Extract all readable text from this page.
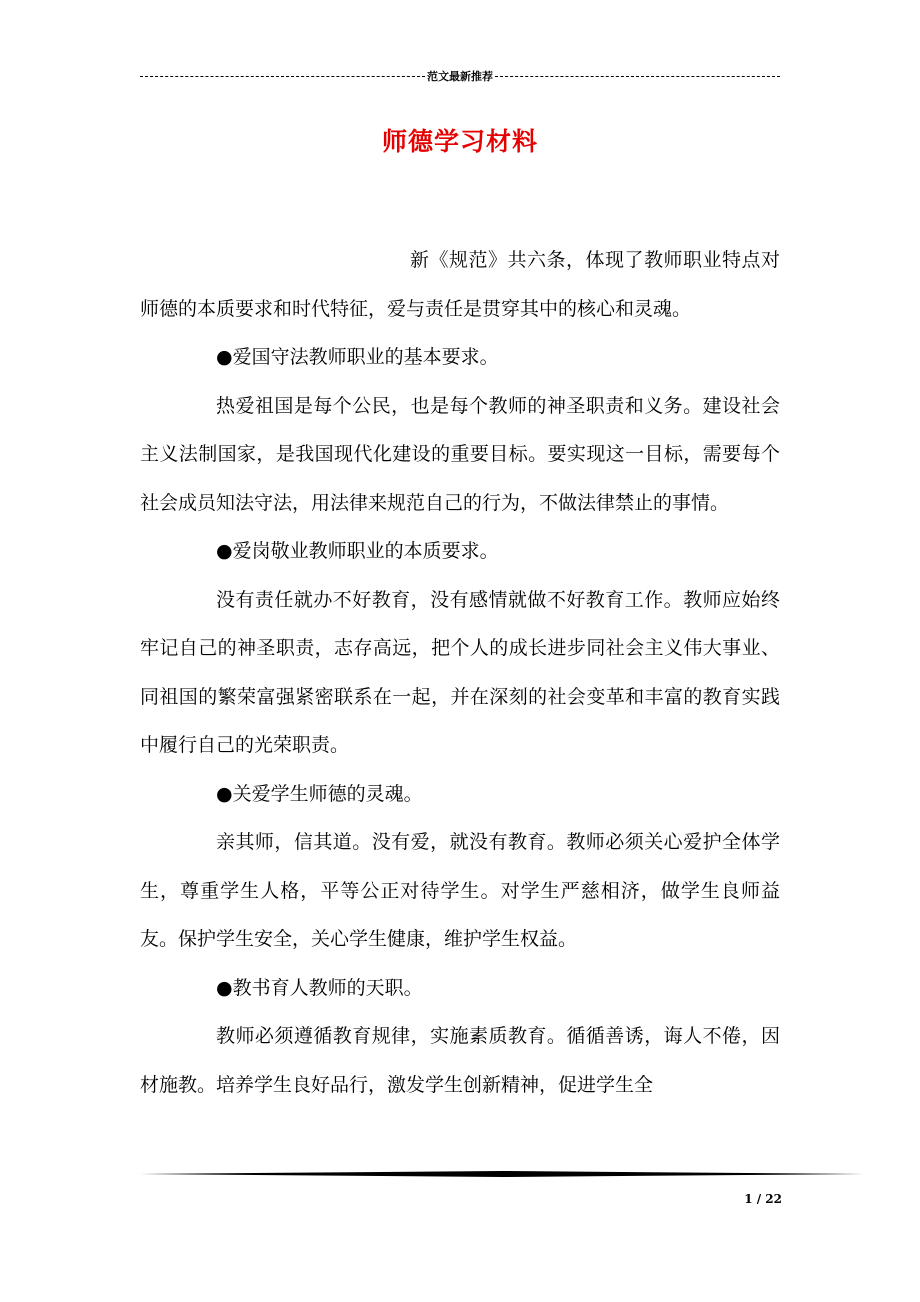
范文最新推荐
师德学习材料

新《规范》共六条，体现了教师职业特点对师德的本质要求和时代特征，爱与责任是贯穿其中的核心和灵魂。

●爱国守法教师职业的基本要求。

热爱祖国是每个公民，也是每个教师的神圣职责和义务。建设社会主义法制国家，是我国现代化建设的重要目标。要实现这一目标，需要每个社会成员知法守法，用法律来规范自己的行为，不做法律禁止的事情。

●爱岗敬业教师职业的本质要求。

没有责任就办不好教育，没有感情就做不好教育工作。教师应始终牢记自己的神圣职责，志存高远，把个人的成长进步同社会主义伟大事业、同祖国的繁荣富强紧密联系在一起，并在深刻的社会变革和丰富的教育实践中履行自己的光荣职责。

●关爱学生师德的灵魂。

亲其师，信其道。没有爱，就没有教育。教师必须关心爱护全体学生，尊重学生人格，平等公正对待学生。对学生严慈相济，做学生良师益友。保护学生安全，关心学生健康，维护学生权益。

●教书育人教师的天职。

教师必须遵循教育规律，实施素质教育。循循善诱，诲人不倦，因材施教。培养学生良好品行，激发学生创新精神，促进学生全

1 / 22
